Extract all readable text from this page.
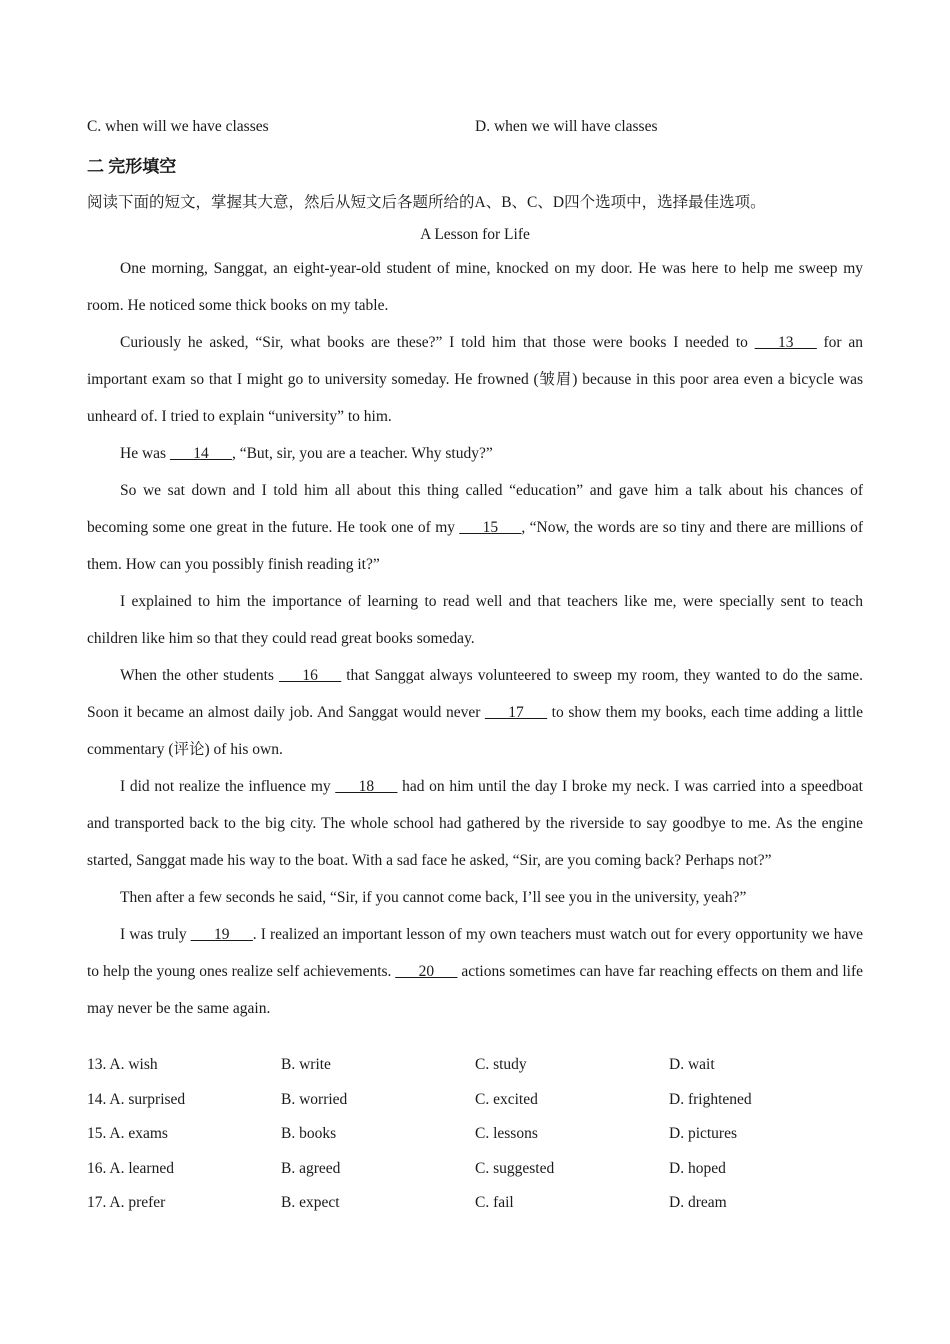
C. when will we have classes	D. when we will have classes
二 完形填空
阅读下面的短文，掌握其大意，然后从短文后各题所给的A、B、C、D四个选项中，选择最佳选项。
A Lesson for Life

One morning, Sanggat, an eight-year-old student of mine, knocked on my door. He was here to help me sweep my room. He noticed some thick books on my table.

Curiously he asked, “Sir, what books are these?” I told him that those were books I needed to ___13___ for an important exam so that I might go to university someday. He frowned (皱眉) because in this poor area even a bicycle was unheard of. I tried to explain “university” to him.

He was ___14___, “But, sir, you are a teacher. Why study?”

So we sat down and I told him all about this thing called “education” and gave him a talk about his chances of becoming some one great in the future. He took one of my ___15___, “Now, the words are so tiny and there are millions of them. How can you possibly finish reading it?”

I explained to him the importance of learning to read well and that teachers like me, were specially sent to teach children like him so that they could read great books someday.

When the other students ___16___ that Sanggat always volunteered to sweep my room, they wanted to do the same. Soon it became an almost daily job. And Sanggat would never ___17___ to show them my books, each time adding a little commentary (评论) of his own.

I did not realize the influence my ___18___ had on him until the day I broke my neck. I was carried into a speedboat and transported back to the big city. The whole school had gathered by the riverside to say goodbye to me. As the engine started, Sanggat made his way to the boat. With a sad face he asked, “Sir, are you coming back? Perhaps not?”

Then after a few seconds he said, “Sir, if you cannot come back, I’ll see you in the university, yeah?”

I was truly ___19___. I realized an important lesson of my own teachers must watch out for every opportunity we have to help the young ones realize self achievements. ___20___ actions sometimes can have far reaching effects on them and life may never be the same again.

13. A. wish	B. write	C. study	D. wait
14. A. surprised	B. worried	C. excited	D. frightened
15. A. exams	B. books	C. lessons	D. pictures
16. A. learned	B. agreed	C. suggested	D. hoped
17. A. prefer	B. expect	C. fail	D. dream
